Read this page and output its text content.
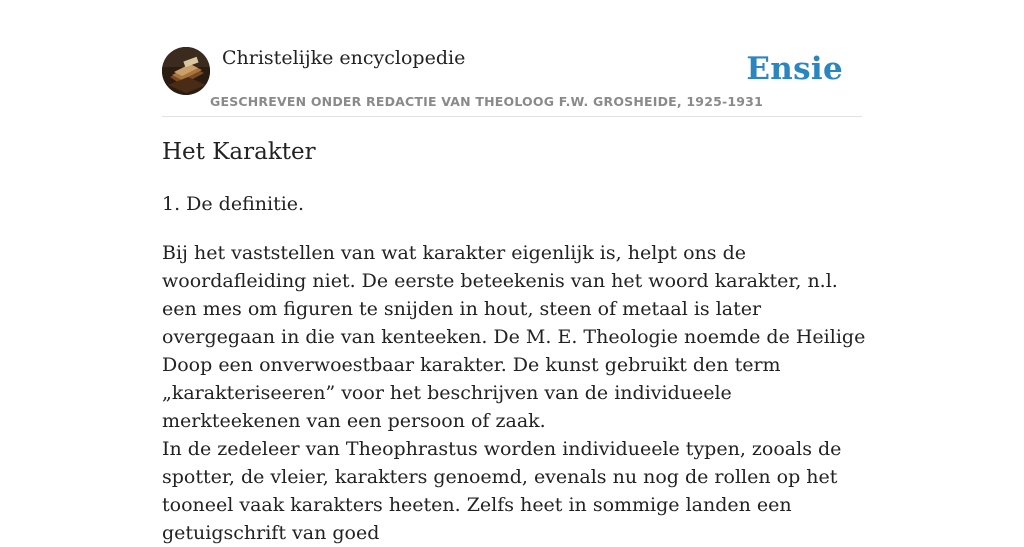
Christelijke encyclopedie
GESCHREVEN ONDER REDACTIE VAN THEOLOOG F.W. GROSHEIDE, 1925-1931
Ensie
Het Karakter
1. De definitie.

Bij het vaststellen van wat karakter eigenlijk is, helpt ons de woordafleiding niet. De eerste beteekenis van het woord karakter, n.l. een mes om figuren te snijden in hout, steen of metaal is later overgegaan in die van kenteeken. De M. E. Theologie noemde de Heilige Doop een onverwoestbaar karakter. De kunst gebruikt den term „karakteriseeren” voor het beschrijven van de individueele merkteekenen van een persoon of zaak.

In de zedeleer van Theophrastus worden individueele typen, zooals de spotter, de vleier, karakters genoemd, evenals nu nog de rollen op het tooneel vaak karakters heeten. Zelfs heet in sommige landen een getuigschrift van goed
